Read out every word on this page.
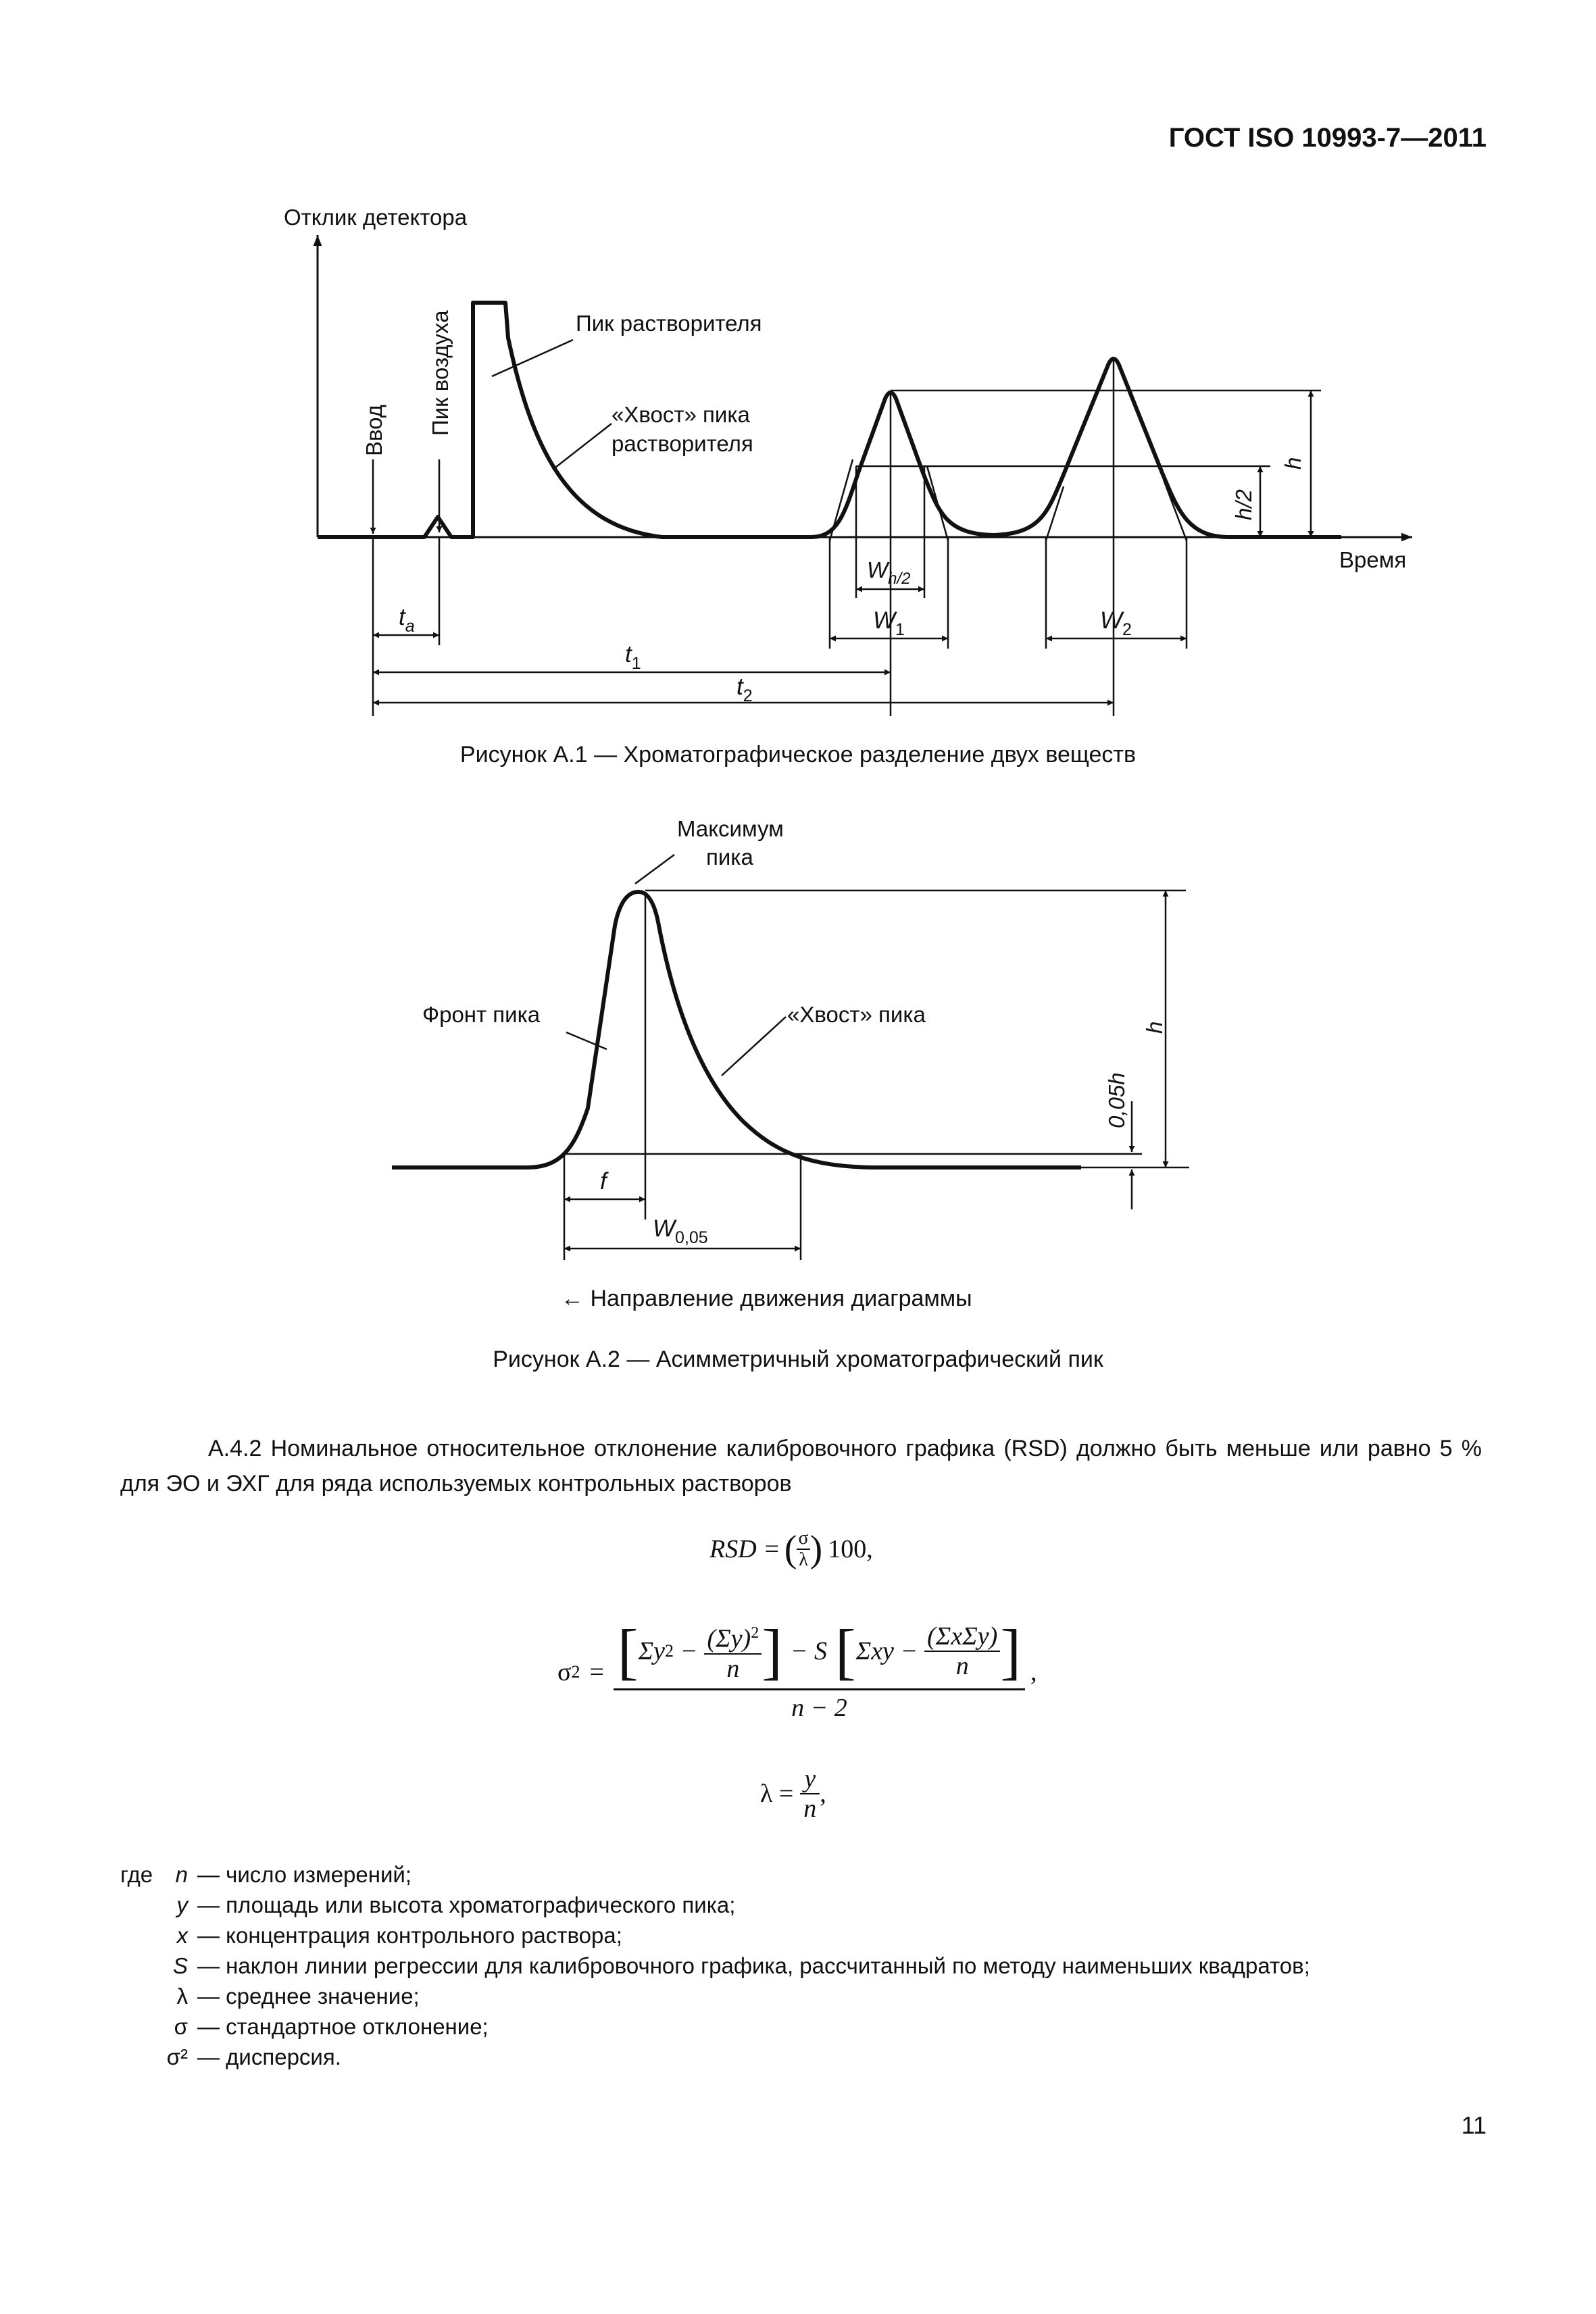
ГОСТ ISO 10993-7—2011
Отклик детектора
Время
Ввод Пик воздуха	Пик растворителя
«Хвост» пика
растворителя
h
h/2
$W_{h/2}$
$W_1$	$W_2$
$t_a$
$t_1$
$t_2$
Рисунок А.1 — Хроматографическое разделение двух веществ
Максимум
пика
Фронт пика	«Хвост» пика
h
0,05h
f
$W_{0,05}$
← Направление движения диаграммы
Рисунок А.2 — Асимметричный хроматографический пик
А.4.2 Номинальное относительное отклонение калибровочного графика (RSD) должно быть меньше или равно 5 % для ЭО и ЭХГ для ряда используемых контрольных растворов
RSD = ( $\frac{\sigma}{\lambda}$ ) 100,
σ 2 = [ Σy $2 - \frac{(\Sigma y)^2}{n}$ ] − S [ Σxy −
(ΣxΣy)
n ]
n − 2
,
$\lambda = \frac{y}{n}$ ,
где	n — число измерений;
y — площадь или высота хроматографического пика;
x — концентрация контрольного раствора;
S — наклон линии регрессии для калибровочного графика, рассчитанный по методу наименьших квадратов;
λ — среднее значение;
σ — стандартное отклонение;
σ² — дисперсия.
11
